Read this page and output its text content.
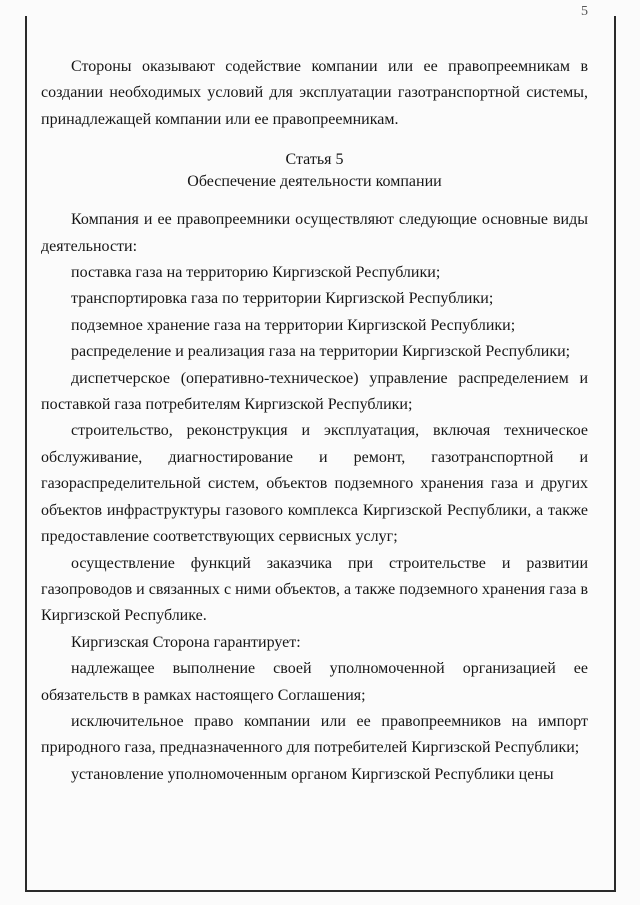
5

Стороны оказывают содействие компании или ее правопреемникам в создании необходимых условий для эксплуатации газотранспортной системы, принадлежащей компании или ее правопреемникам.

Статья 5
Обеспечение деятельности компании

Компания и ее правопреемники осуществляют следующие основные виды деятельности:

поставка газа на территорию Киргизской Республики;

транспортировка газа по территории Киргизской Республики;

подземное хранение газа на территории Киргизской Республики;

распределение и реализация газа на территории Киргизской Республики;

диспетчерское (оперативно-техническое) управление распределением и поставкой газа потребителям Киргизской Республики;

строительство, реконструкция и эксплуатация, включая техническое обслуживание, диагностирование и ремонт, газотранспортной и газораспределительной систем, объектов подземного хранения газа и других объектов инфраструктуры газового комплекса Киргизской Республики, а также предоставление соответствующих сервисных услуг;

осуществление функций заказчика при строительстве и развитии газопроводов и связанных с ними объектов, а также подземного хранения газа в Киргизской Республике.

Киргизская Сторона гарантирует:

надлежащее выполнение своей уполномоченной организацией ее обязательств в рамках настоящего Соглашения;

исключительное право компании или ее правопреемников на импорт природного газа, предназначенного для потребителей Киргизской Республики;

установление уполномоченным органом Киргизской Республики цены
